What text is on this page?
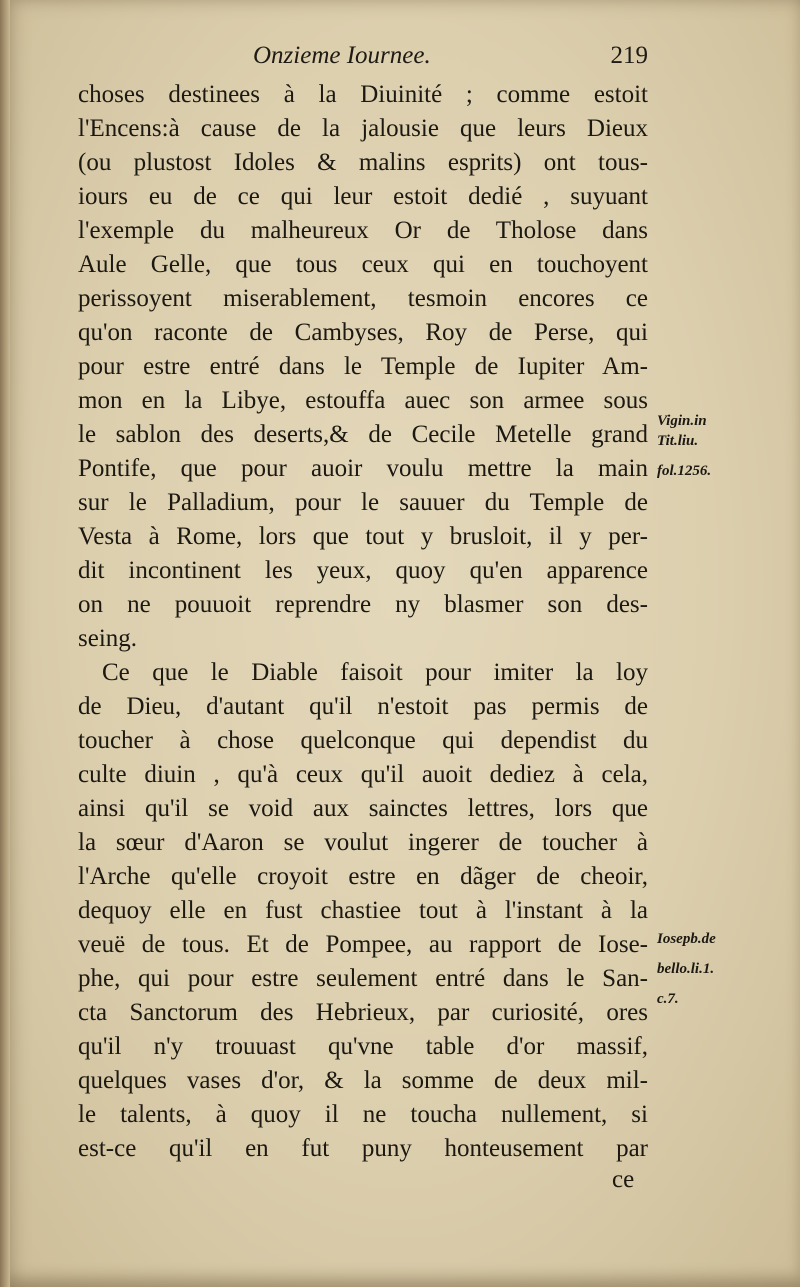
Onzieme Iournee.	219
choses destinees à la Diuinité ; comme estoit
l'Encens:à cause de la jalousie que leurs Dieux
(ou plustost Idoles & malins esprits) ont tous-
iours eu de ce qui leur estoit dedié , suyuant
l'exemple du malheureux Or de Tholose dans
Aule Gelle, que tous ceux qui en touchoyent
perissoyent miserablement, tesmoin encores ce
qu'on raconte de Cambyses, Roy de Perse, qui
pour estre entré dans le Temple de Iupiter Am-
mon en la Libye, estouffa auec son armee sous
le sablon des deserts,& de Cecile Metelle grand
Pontife, que pour auoir voulu mettre la main
sur le Palladium, pour le sauuer du Temple de
Vesta à Rome, lors que tout y brusloit, il y per-
dit incontinent les yeux, quoy qu'en apparence
on ne pouuoit reprendre ny blasmer son des-
seing.
Ce que le Diable faisoit pour imiter la loy
de Dieu, d'autant qu'il n'estoit pas permis de
toucher à chose quelconque qui dependist du
culte diuin , qu'à ceux qu'il auoit dediez à cela,
ainsi qu'il se void aux sainctes lettres, lors que
la sœur d'Aaron se voulut ingerer de toucher à
l'Arche qu'elle croyoit estre en dãger de cheoir,
dequoy elle en fust chastiee tout à l'instant à la
veuë de tous. Et de Pompee, au rapport de Iose-
phe, qui pour estre seulement entré dans le San-
cta Sanctorum des Hebrieux, par curiosité, ores
qu'il n'y trouuast qu'vne table d'or massif,
quelques vases d'or, & la somme de deux mil-
le talents, à quoy il ne toucha nullement, si
est-ce qu'il en fut puny honteusement par
Vigin.in
Tit.liu.
fol.1256.
Iosepb.de
bello.li.1.
c.7.
ce
